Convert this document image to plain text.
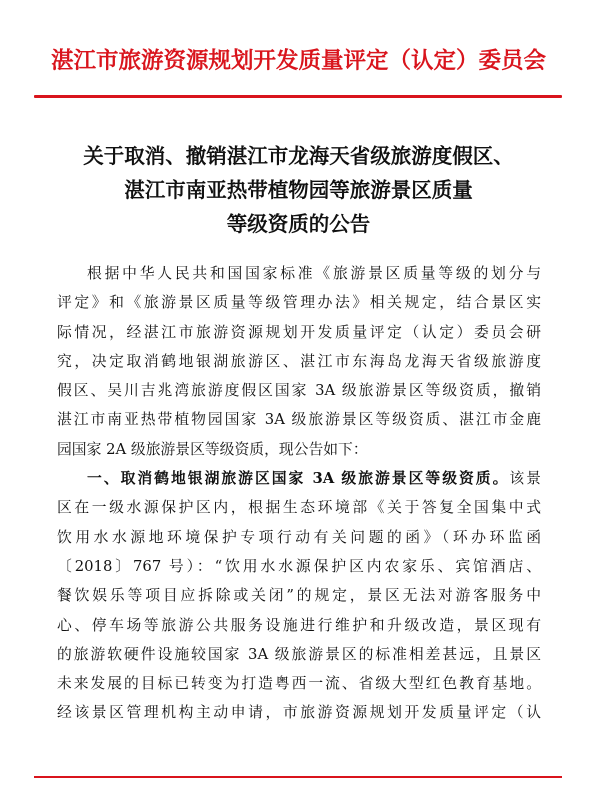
湛江市旅游资源规划开发质量评定（认定）委员会
关于取消、撤销湛江市龙海天省级旅游度假区、
湛江市南亚热带植物园等旅游景区质量
等级资质的公告
根据中华人民共和国国家标准《旅游景区质量等级的划分与
评定》和《旅游景区质量等级管理办法》相关规定，结合景区实
际情况，经湛江市旅游资源规划开发质量评定（认定）委员会研
究，决定取消鹤地银湖旅游区、湛江市东海岛龙海天省级旅游度
假区、吴川吉兆湾旅游度假区国家 3A 级旅游景区等级资质，撤销
湛江市南亚热带植物园国家 3A 级旅游景区等级资质、湛江市金鹿
园国家 2A 级旅游景区等级资质，现公告如下：
一、取消鹤地银湖旅游区国家 3A 级旅游景区等级资质。该景
区在一级水源保护区内，根据生态环境部《关于答复全国集中式
饮用水水源地环境保护专项行动有关问题的函》（环办环监函
〔2018〕767 号）：“饮用水水源保护区内农家乐、宾馆酒店、
餐饮娱乐等项目应拆除或关闭”的规定，景区无法对游客服务中
心、停车场等旅游公共服务设施进行维护和升级改造，景区现有
的旅游软硬件设施较国家 3A 级旅游景区的标准相差甚远，且景区
未来发展的目标已转变为打造粤西一流、省级大型红色教育基地。
经该景区管理机构主动申请，市旅游资源规划开发质量评定（认
